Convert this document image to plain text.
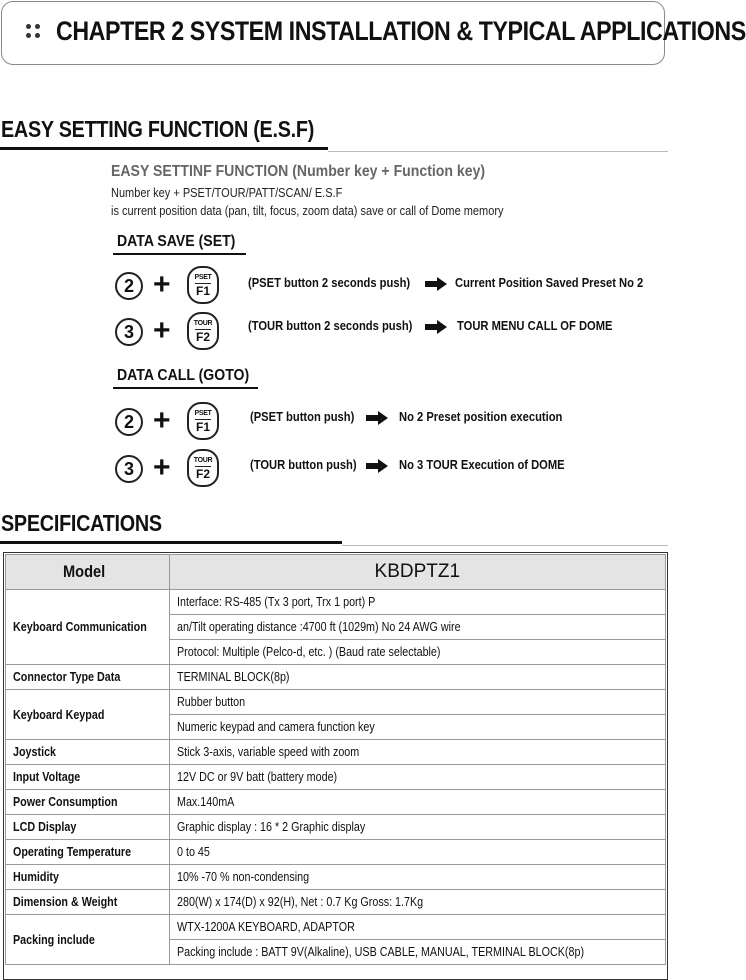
CHAPTER 2 SYSTEM INSTALLATION & TYPICAL APPLICATIONS
EASY SETTING FUNCTION (E.S.F)
EASY SETTINF FUNCTION (Number key + Function key)
Number key + PSET/TOUR/PATT/SCAN/ E.S.F
is current position data (pan, tilt, focus, zoom data) save or call of Dome memory
DATA SAVE (SET)
2 +	PSET
F1
(PSET button 2 seconds push)	Current Position Saved Preset No 2
3 +	TOUR
F2
(TOUR button 2 seconds push)	TOUR MENU CALL OF DOME
DATA CALL (GOTO)
2 +	PSET
F1
(PSET button push)	No 2 Preset position execution
3 +	TOUR
F2
(TOUR button push)	No 3 TOUR Execution of DOME
SPECIFICATIONS
Model	KBDPTZ1
Keyboard Communication	Interface: RS-485 (Tx 3 port, Trx 1 port) P
	an/Tilt operating distance :4700 ft (1029m) No 24 AWG wire
	Protocol: Multiple (Pelco-d, etc. ) (Baud rate selectable)
Connector Type Data	TERMINAL BLOCK(8p)
Keyboard Keypad	Rubber button
	Numeric keypad and camera function key
Joystick	Stick 3-axis, variable speed with zoom
Input Voltage	12V DC or 9V batt (battery mode)
Power Consumption	Max.140mA
LCD Display	Graphic display : 16 * 2 Graphic display
Operating Temperature	0 to 45
Humidity	10% -70 % non-condensing
Dimension & Weight	280(W) x 174(D) x 92(H), Net : 0.7 Kg Gross: 1.7Kg
Packing include	WTX-1200A KEYBOARD, ADAPTOR
	Packing include : BATT 9V(Alkaline), USB CABLE, MANUAL, TERMINAL BLOCK(8p)
